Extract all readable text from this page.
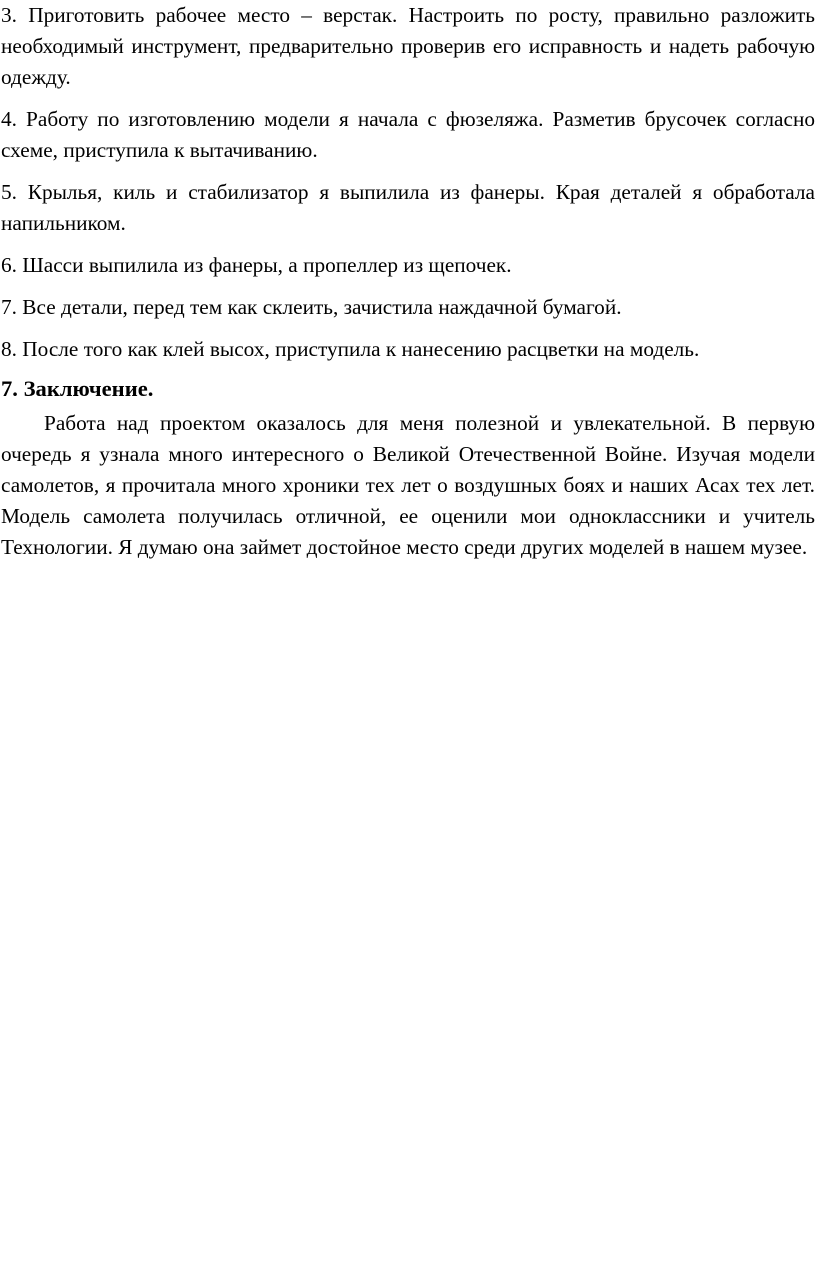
3. Приготовить рабочее место – верстак. Настроить по росту, правильно разложить необходимый инструмент, предварительно проверив его исправность и надеть рабочую одежду.

4. Работу по изготовлению модели я начала с фюзеляжа. Разметив брусочек согласно схеме, приступила к вытачиванию.

5. Крылья, киль и стабилизатор я выпилила из фанеры. Края деталей я обработала напильником.

6. Шасси выпилила из фанеры, а пропеллер из щепочек.

7. Все детали, перед тем как склеить, зачистила наждачной бумагой.

8. После того как клей высох, приступила к нанесению расцветки на модель.

7. Заключение.

Работа над проектом оказалось для меня полезной и увлекательной. В первую очередь я узнала много интересного о Великой Отечественной Войне. Изучая модели самолетов, я прочитала много хроники тех лет о воздушных боях и наших Асах тех лет. Модель самолета получилась отличной, ее оценили мои одноклассники и учитель Технологии. Я думаю она займет достойное место среди других моделей в нашем музее.
